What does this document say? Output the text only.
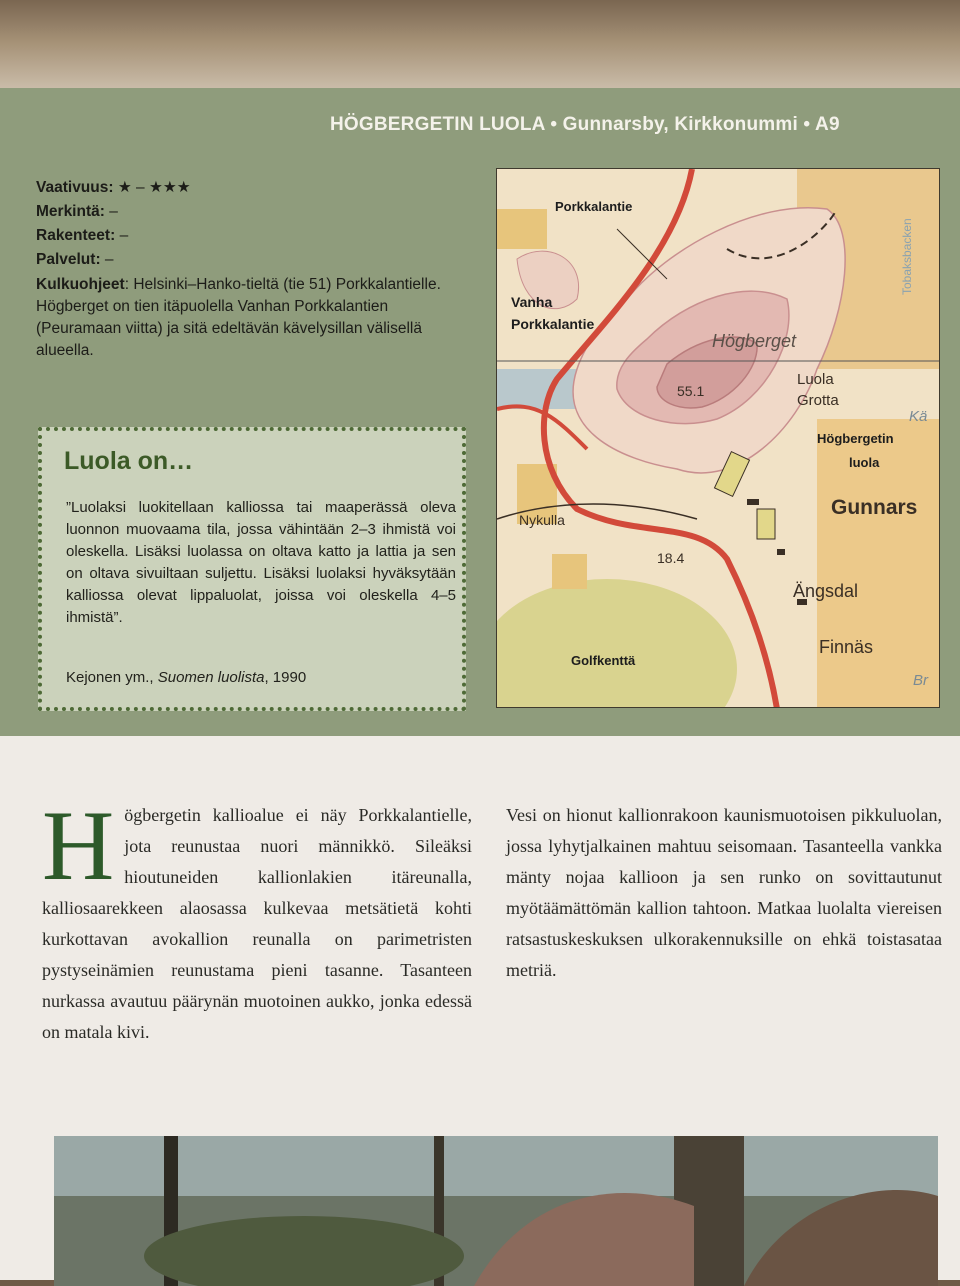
HÖGBERGETIN LUOLA • Gunnarsby, Kirkkonummi • A9
Vaativuus: ★ – ★★★
Merkintä: –
Rakenteet: –
Palvelut: –
Kulkuohjeet: Helsinki–Hanko-tieltä (tie 51) Porkkalantielle. Högberget on tien itäpuolella Vanhan Porkkalantien (Peuramaan viitta) ja sitä edeltävän kävelysillan välisellä alueella.
Luola on…
”Luolaksi luokitellaan kalliossa tai maaperässä oleva luonnon muovaama tila, jossa vähintään 2–3 ihmistä voi oleskella. Lisäksi luolassa on oltava katto ja lattia ja sen on oltava sivuiltaan suljettu. Lisäksi luolaksi hyväksytään kalliossa olevat lippaluolat, joissa voi oleskella 4–5 ihmistä”.
Kejonen ym., Suomen luolista, 1990
Porkkalantie
Vanha
Porkkalantie
Högberget
55.1
Luola
Grotta
Högbergetin
luola
Gunnars
Nykulla
18.4
Ängsdal
Finnäs
Golfkenttä
Tobaksbacken
Kä
Br
Högbergetin kallioalue ei näy Porkkalantielle, jota reunustaa nuori männikkö. Sileäksi hioutuneiden kallionlakien itäreunalla, kalliosaarekkeen alaosassa kulkevaa metsätietä kohti kurkottavan avokallion reunalla on parimetristen pystyseinämien reunustama pieni tasanne. Tasanteen nurkassa avautuu päärynän muotoinen aukko, jonka edessä on matala kivi.
Vesi on hionut kallionrakoon kaunismuotoisen pikkuluolan, jossa lyhytjalkainen mahtuu seisomaan. Tasanteella vankka mänty nojaa kallioon ja sen runko on sovittautunut myötäämättömän kallion tahtoon. Matkaa luolalta viereisen ratsastuskeskuksen ulkorakennuksille on ehkä toistasataa metriä.
